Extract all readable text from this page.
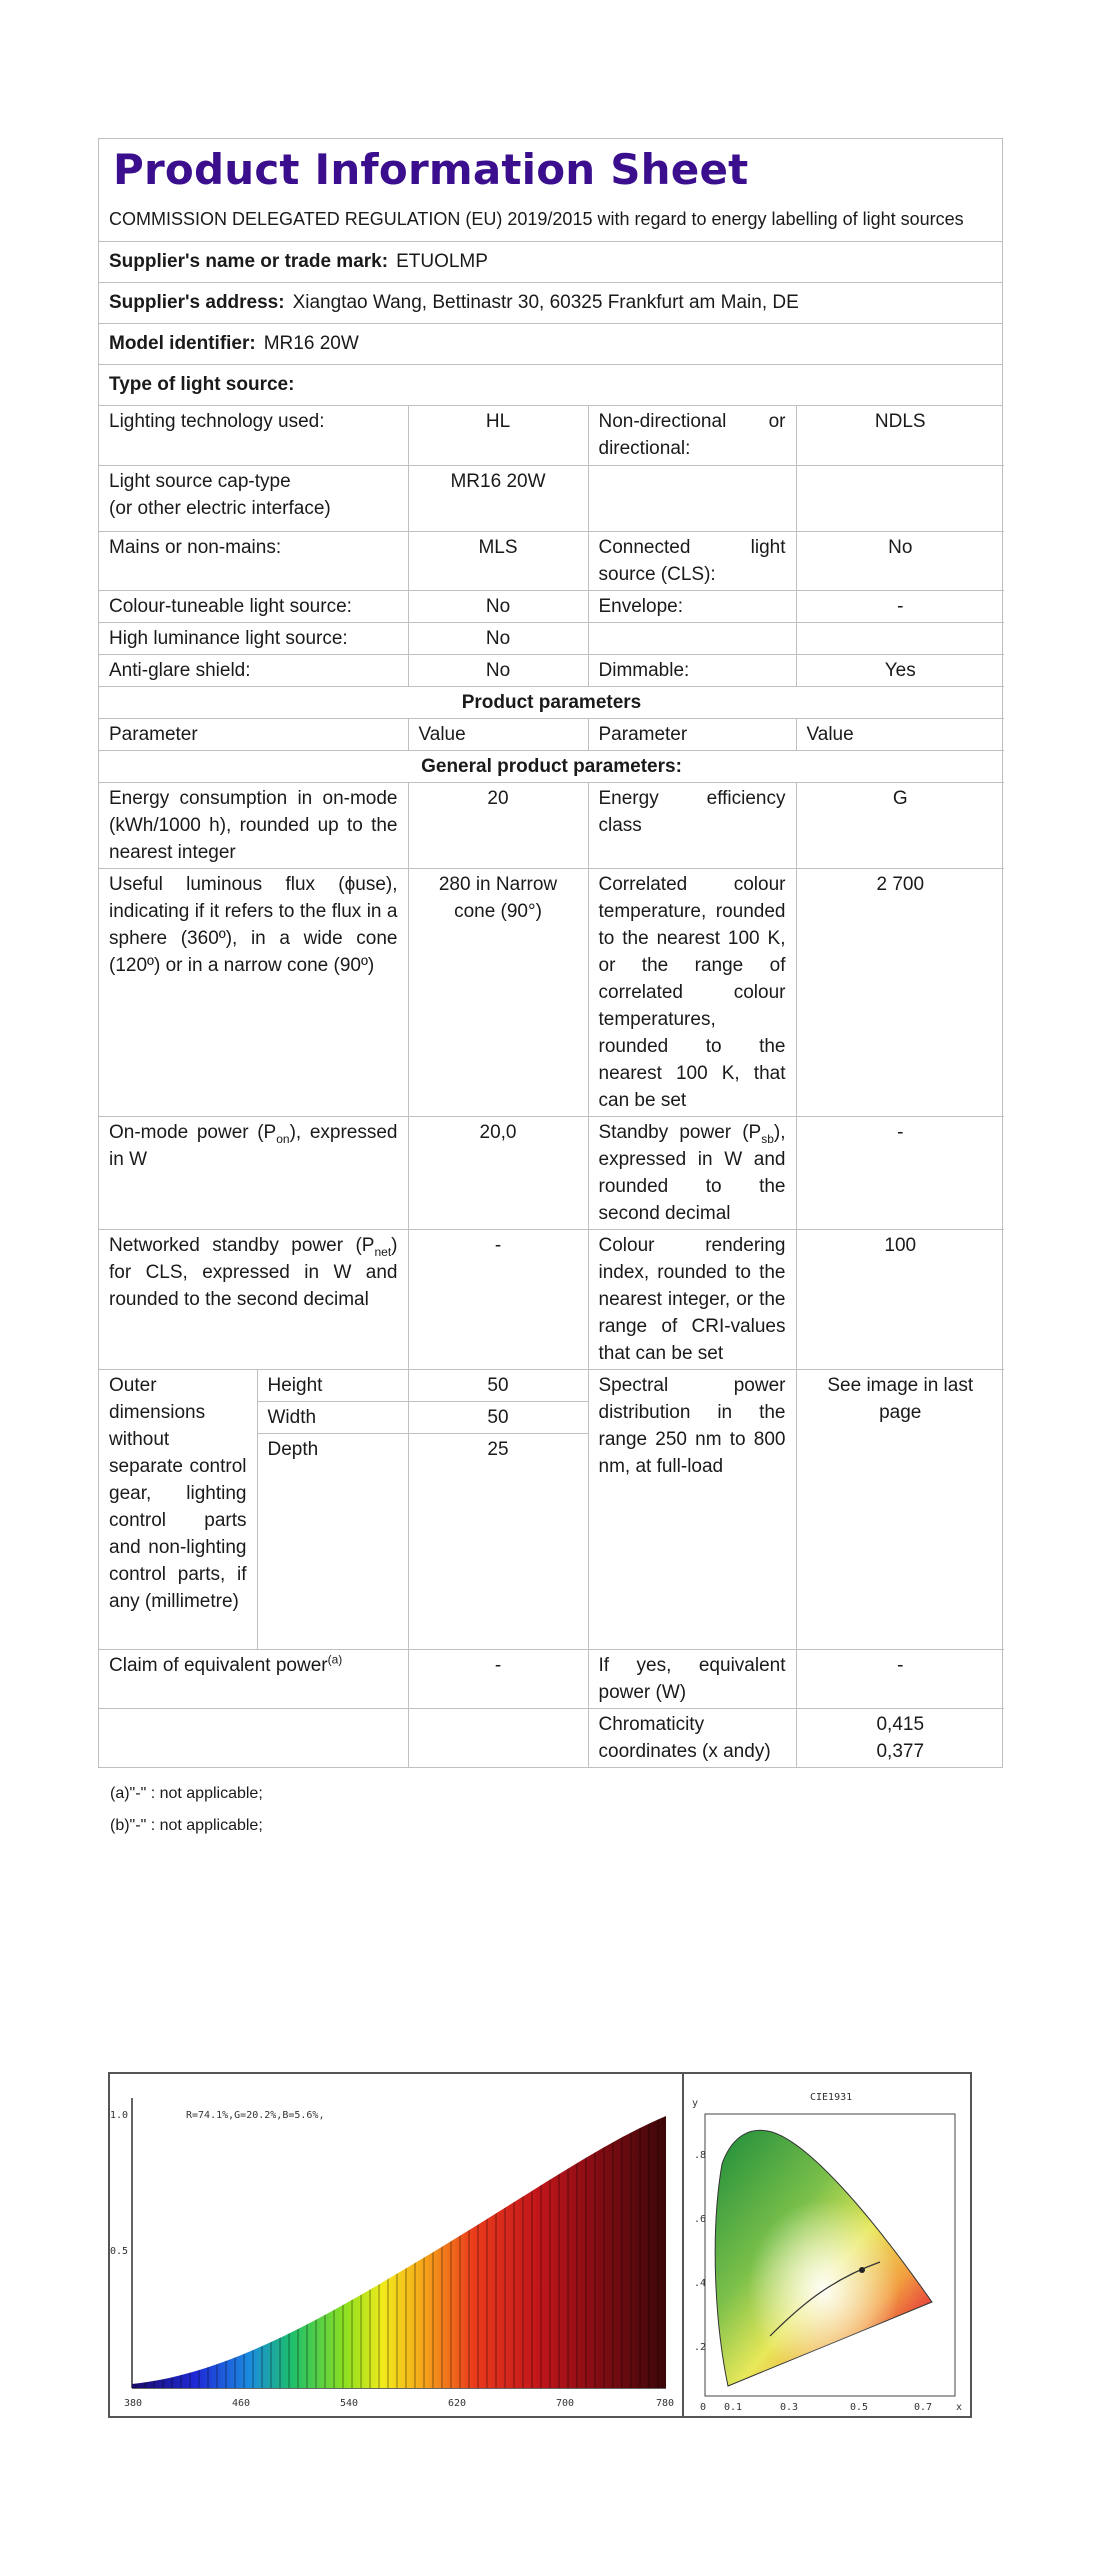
Product Information Sheet
COMMISSION DELEGATED REGULATION (EU) 2019/2015 with regard to energy labelling of light sources
Supplier's name or trade mark: ETUOLMP
Supplier's address: Xiangtao Wang, Bettinastr 30, 60325 Frankfurt am Main, DE
Model identifier: MR16 20W
Type of light source:
Lighting technology used:		HL	Non-directional or directional:	NDLS

Light source cap-type
(or other electric interface)		MR16 20W		
Mains or non-mains:		MLS	Connected light source (CLS):	No
Colour-tuneable light source:		No	Envelope:	-
High luminance light source:		No		
Anti-glare shield:		No	Dimmable:	Yes
Product parameters				
Parameter		Value	Parameter	Value
General product parameters:				
Energy consumption in on-mode (kWh/1000 h), rounded up to the nearest integer		20	Energy efficiency class	G
Useful luminous flux (ϕuse), indicating if it refers to the flux in a sphere (360º), in a wide cone (120º) or in a narrow cone (90º)		280 in Narrow cone (90°)	Correlated colour temperature, rounded to the nearest 100 K, or the range of correlated colour temperatures, rounded to the nearest 100 K, that can be set	2 700
On-mode power $(P_{on})$, expressed in W		20,0	Standby power $(P_{sb})$, expressed in W and rounded to the second decimal	-
Networked standby power $(P_{net})$ for CLS, expressed in W and rounded to the second decimal		-	Colour rendering index, rounded to the nearest integer, or the range of CRI-values that can be set	100
Outer dimensions without separate control gear, lighting control parts and non-lighting control parts, if any (millimetre)	Height	50	Spectral power distribution in the range 250 nm to 800 nm, at full-load	See image in last page
	Width	50		
	Depth	25		
Claim of equivalent power$^{(a)}$		-	If yes, equivalent power (W)	-
			Chromaticity coordinates (x andy)	0,415
0,377
(a)"-" : not applicable;
(b)"-" : not applicable;
R=74.1%,G=20.2%,B=5.6%,
1.0
0.5
380	460	540	620	700	780
CIE1931
y
.8
.6
.4
.2
0 0.1	0.3	0.5	0.7 x
